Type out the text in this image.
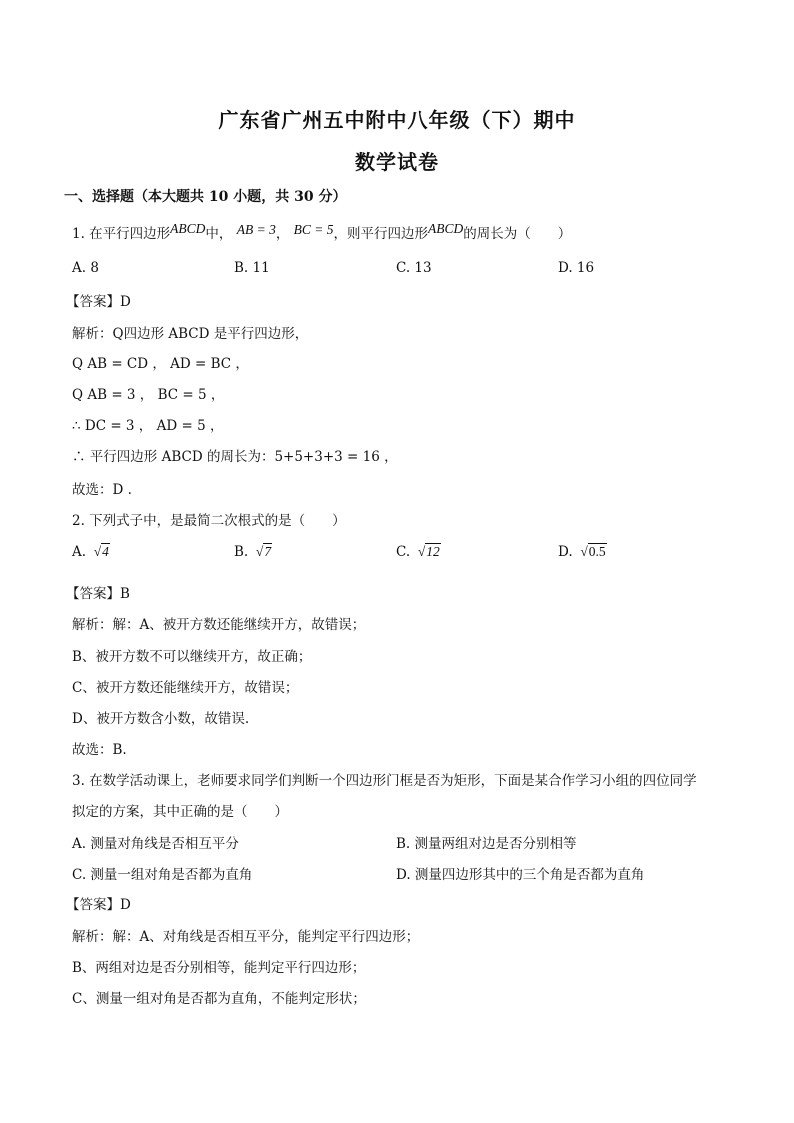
广东省广州五中附中八年级（下）期中
数学试卷
一、选择题（本大题共 10 小题，共 30 分）
1. 在平行四边形ABCD中， AB = 3， BC = 5，则平行四边形ABCD的周长为（　　）
A. 8	B. 11	C. 13	D. 16
【答案】D
解析：Q四边形 ABCD 是平行四边形，
Q AB = CD ， AD = BC ，
Q AB = 3 ， BC = 5 ，
∴ DC = 3 ， AD = 5 ，
∴ 平行四边形 ABCD 的周长为：5+5+3+3 = 16 ，
故选：D .
2. 下列式子中，是最简二次根式的是（　　）
A.  √4	B.  √7	C.  √12	D.  √0.5
【答案】B
解析：解：A、被开方数还能继续开方，故错误；
B、被开方数不可以继续开方，故正确；
C、被开方数还能继续开方，故错误；
D、被开方数含小数，故错误.
故选：B.
3. 在数学活动课上，老师要求同学们判断一个四边形门框是否为矩形，下面是某合作学习小组的四位同学
拟定的方案，其中正确的是（　　）
A. 测量对角线是否相互平分	B. 测量两组对边是否分别相等
C. 测量一组对角是否都为直角	D. 测量四边形其中的三个角是否都为直角
【答案】D
解析：解：A、对角线是否相互平分，能判定平行四边形；
B、两组对边是否分别相等，能判定平行四边形；
C、测量一组对角是否都为直角，不能判定形状；
